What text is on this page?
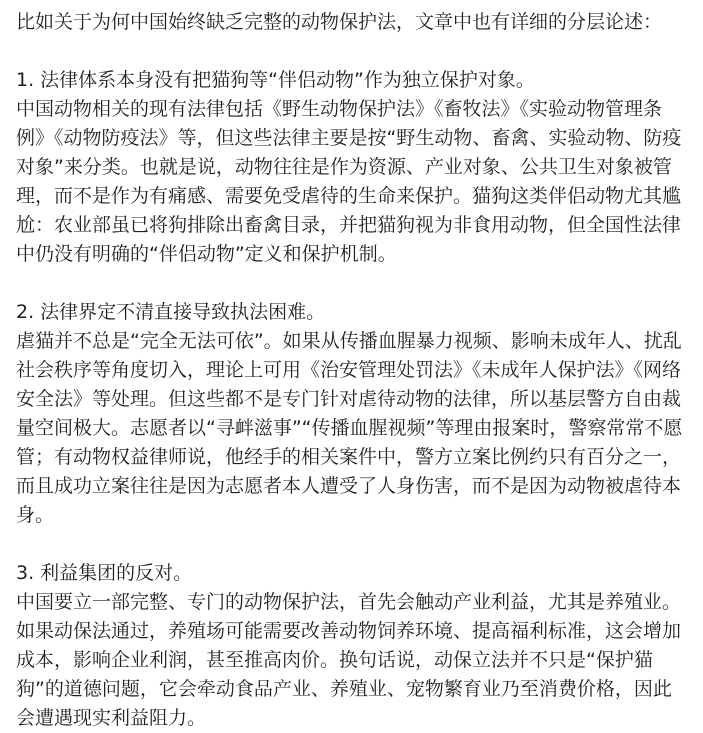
比如关于为何中国始终缺乏完整的动物保护法，文章中也有详细的分层论述：

1. 法律体系本身没有把猫狗等“伴侣动物”作为独立保护对象。

中国动物相关的现有法律包括《野生动物保护法》《畜牧法》《实验动物管理条例》《动物防疫法》等，但这些法律主要是按“野生动物、畜禽、实验动物、防疫对象”来分类。也就是说，动物往往是作为资源、产业对象、公共卫生对象被管理，而不是作为有痛感、需要免受虐待的生命来保护。猫狗这类伴侣动物尤其尴尬：农业部虽已将狗排除出畜禽目录，并把猫狗视为非食用动物，但全国性法律中仍没有明确的“伴侣动物”定义和保护机制。

2. 法律界定不清直接导致执法困难。

虐猫并不总是“完全无法可依”。如果从传播血腥暴力视频、影响未成年人、扰乱社会秩序等角度切入，理论上可用《治安管理处罚法》《未成年人保护法》《网络安全法》等处理。但这些都不是专门针对虐待动物的法律，所以基层警方自由裁量空间极大。志愿者以“寻衅滋事”“传播血腥视频”等理由报案时，警察常常不愿管；有动物权益律师说，他经手的相关案件中，警方立案比例约只有百分之一，而且成功立案往往是因为志愿者本人遭受了人身伤害，而不是因为动物被虐待本身。

3. 利益集团的反对。

中国要立一部完整、专门的动物保护法，首先会触动产业利益，尤其是养殖业。如果动保法通过，养殖场可能需要改善动物饲养环境、提高福利标准，这会增加成本，影响企业利润，甚至推高肉价。换句话说，动保立法并不只是“保护猫狗”的道德问题，它会牵动食品产业、养殖业、宠物繁育业乃至消费价格，因此会遭遇现实利益阻力。
